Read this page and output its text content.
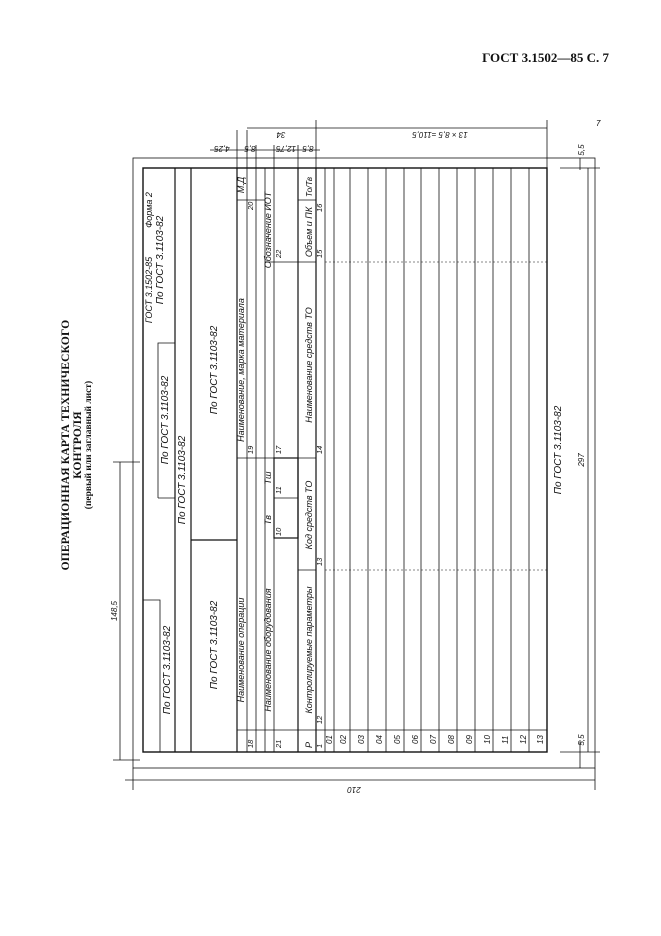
ГОСТ 3.1502—85 С. 7
ОПЕРАЦИОННАЯ КАРТА ТЕХНИЧЕСКОГО КОНТРОЛЯ (первый или заглавный лист)
Форма 2
ГОСТ 3.1502-85 По ГОСТ 3.1103-82
По ГОСТ 3.1103-82
По ГОСТ 3.1103-82
По ГОСТ 3.1103-82
По ГОСТ 3.1103-82	По ГОСТ 3.1103-82
По ГОСТ 3.1103-82
Наименование операции Наименование оборудования
Наименование, марка материала
М.Д
Обозначение ИОТ
Тв
Тш
Контролируемые параметры
Код средств ТО
Наименование средств ТО
Объем и ПК
То/Тв
Р 1
12
13
14
15
16
18
19
20
21
22
10
11
17
01 02 03 04 05 06 07 08 09 10 11 12 13
13 × 8,5 =110,5
34
4,25 8,5	12,75 8,5
297
5,5
5,5
210
148,5
7
